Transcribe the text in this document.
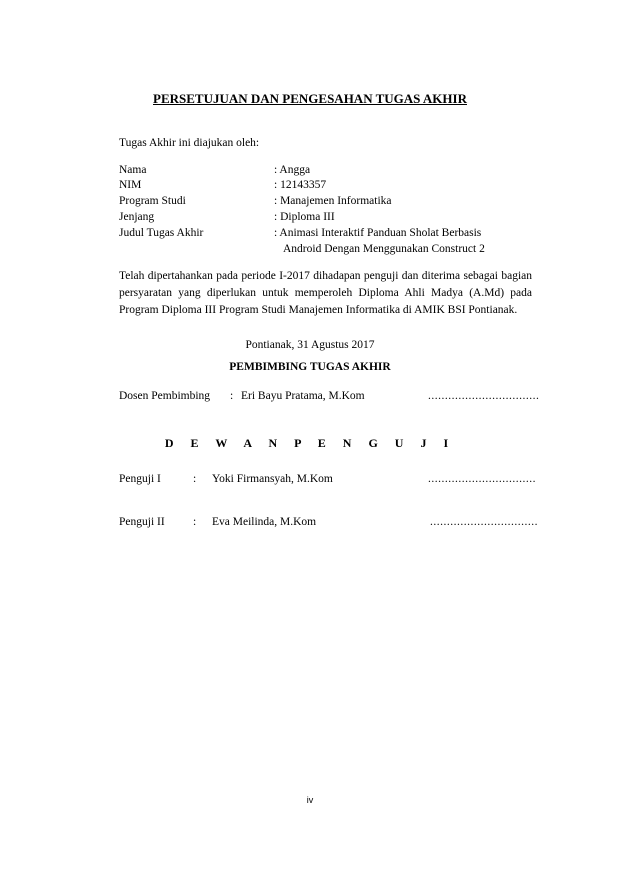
PERSETUJUAN DAN PENGESAHAN TUGAS AKHIR
Tugas Akhir ini diajukan oleh:
Nama	: Angga
NIM	: 12143357
Program Studi	: Manajemen Informatika
Jenjang	: Diploma III
Judul Tugas Akhir	: Animasi Interaktif Panduan Sholat Berbasis
Android Dengan Menggunakan Construct 2
Telah dipertahankan pada periode I-2017 dihadapan penguji dan diterima sebagai bagian persyaratan yang diperlukan untuk memperoleh Diploma Ahli Madya (A.Md) pada Program Diploma III Program Studi Manajemen Informatika di AMIK BSI Pontianak.
Pontianak, 31 Agustus 2017
PEMBIMBING TUGAS AKHIR
Dosen Pembimbing : Eri Bayu Pratama, M.Kom	.................................
D E W A N P E N G U J I
Penguji I	: Yoki Firmansyah, M.Kom	................................
Penguji II : Eva Meilinda, M.Kom	................................
iv
